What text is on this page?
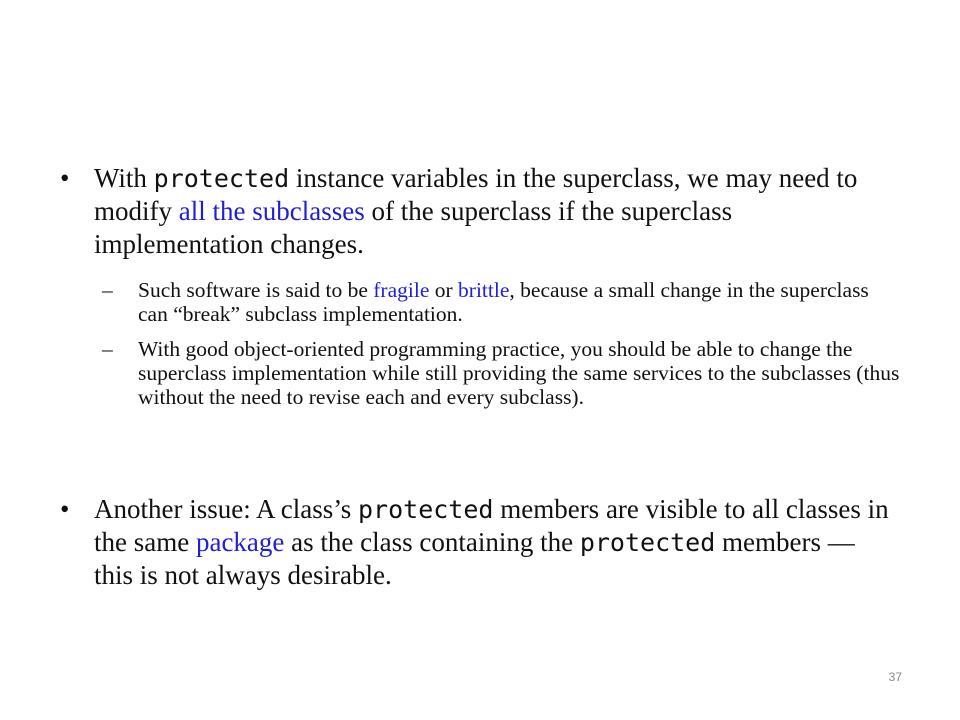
• With protected instance variables in the superclass, we may need to modify all the subclasses of the superclass if the superclass implementation changes.
– Such software is said to be fragile or brittle, because a small change in the superclass can “break” subclass implementation.
– With good object-oriented programming practice, you should be able to change the superclass implementation while still providing the same services to the subclasses (thus without the need to revise each and every subclass).
• Another issue: A class’s protected members are visible to all classes in the same package as the class containing the protected members — this is not always desirable.
37
